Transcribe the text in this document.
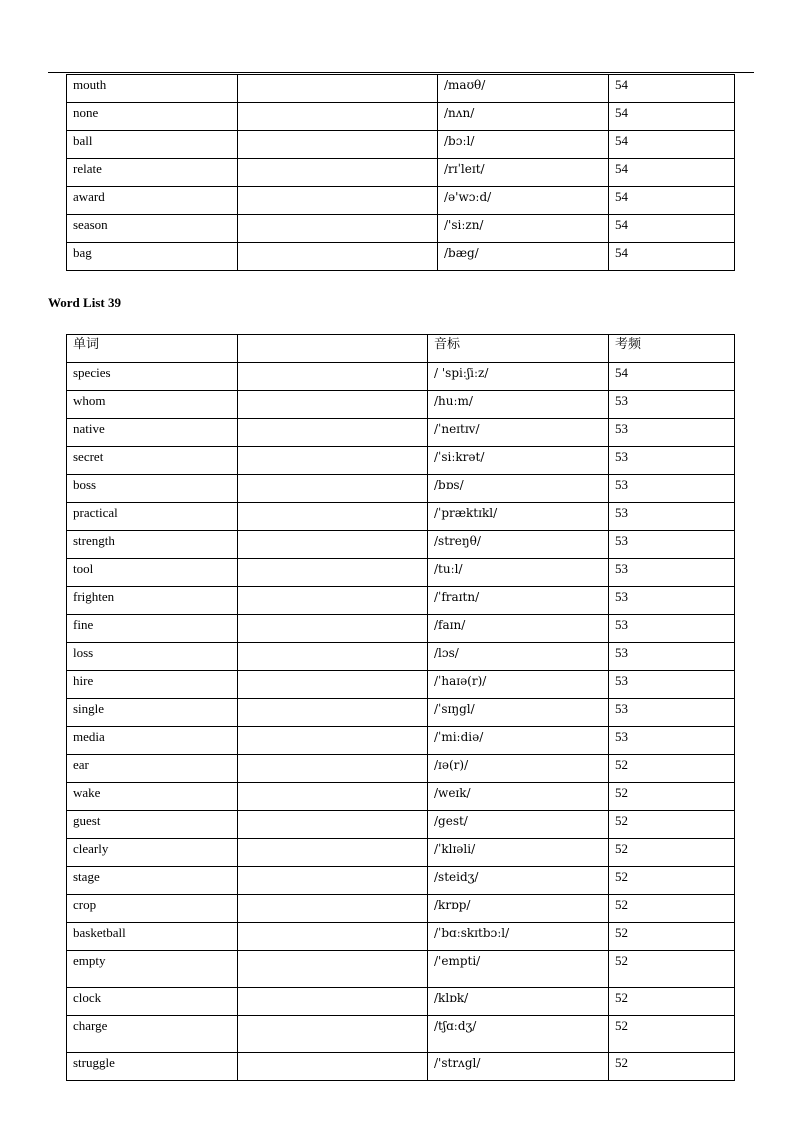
mouth		/maʊθ/	54
none		/nʌn/	54
ball		/bɔːl/	54
relate		/rɪˈleɪt/	54
award		/ə'wɔːd/	54
season		/'siːzn/	54
bag		/bæg/	54
Word List 39
单词		音标	考频
species		/ 'spiːʃiːz/	54
whom		/huːm/	53
native		/ˈneɪtɪv/	53
secret		/ˈsiːkrət/	53
boss		/bɒs/	53
practical		/ˈpræktɪkl/	53
strength		/streŋθ/	53
tool		/tuːl/	53
frighten		/ˈfraɪtn/	53
fine		/faɪn/	53
loss		/lɔs/	53
hire		/ˈhaɪə(r)/	53
single		/ˈsɪŋgl/	53
media		/ˈmiːdiə/	53
ear		/ɪə(r)/	52
wake		/weɪk/	52
guest		/gest/	52
clearly		/ˈklɪəli/	52
stage		/steidʒ/	52
crop		/krɒp/	52
basketball		/ˈbɑːskɪtbɔːl/	52
empty		/'empti/	52
clock		/klɒk/	52
charge		/tʃɑːdʒ/	52
struggle		/'strʌgl/	52
